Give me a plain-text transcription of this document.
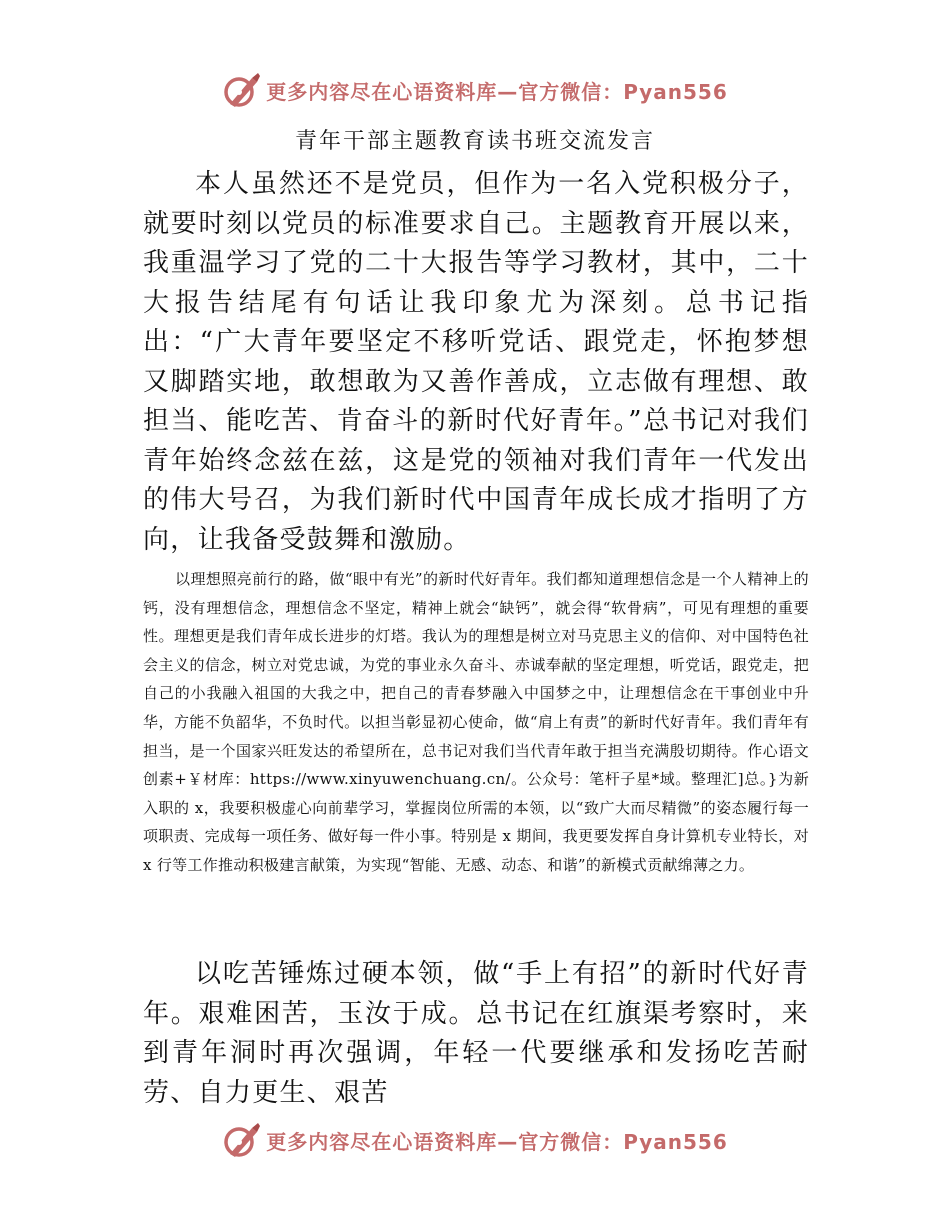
更多内容尽在心语资料库—官方微信：Pyan556
青年干部主题教育读书班交流发言

本人虽然还不是党员，但作为一名入党积极分子，就要时刻以党员的标准要求自己。主题教育开展以来，我重温学习了党的二十大报告等学习教材，其中，二十大报告结尾有句话让我印象尤为深刻。总书记指出：“广大青年要坚定不移听党话、跟党走，怀抱梦想又脚踏实地，敢想敢为又善作善成，立志做有理想、敢担当、能吃苦、肯奋斗的新时代好青年。”总书记对我们青年始终念兹在兹，这是党的领袖对我们青年一代发出的伟大号召，为我们新时代中国青年成长成才指明了方向，让我备受鼓舞和激励。

以理想照亮前行的路，做“眼中有光”的新时代好青年。我们都知道理想信念是一个人精神上的钙，没有理想信念，理想信念不坚定，精神上就会“缺钙”，就会得“软骨病”，可见有理想的重要性。理想更是我们青年成长进步的灯塔。我认为的理想是树立对马克思主义的信仰、对中国特色社会主义的信念，树立对党忠诚，为党的事业永久奋斗、赤诚奉献的坚定理想，听党话，跟党走，把自己的小我融入祖国的大我之中，把自己的青春梦融入中国梦之中，让理想信念在干事创业中升华，方能不负韶华，不负时代。以担当彰显初心使命，做“肩上有责”的新时代好青年。我们青年有担当，是一个国家兴旺发达的希望所在，总书记对我们当代青年敢于担当充满殷切期待。作心语文创素+￥材库：https://www.xinyuwenchuang.cn/。公众号：笔杆子星*域。整理汇]总。}为新入职的 x，我要积极虚心向前辈学习，掌握岗位所需的本领，以“致广大而尽精微”的姿态履行每一项职责、完成每一项任务、做好每一件小事。特别是 x 期间，我更要发挥自身计算机专业特长，对 x 行等工作推动积极建言献策，为实现“智能、无感、动态、和谐”的新模式贡献绵薄之力。

以吃苦锤炼过硬本领，做“手上有招”的新时代好青年。艰难困苦，玉汝于成。总书记在红旗渠考察时，来到青年洞时再次强调，年轻一代要继承和发扬吃苦耐劳、自力更生、艰苦

更多内容尽在心语资料库—官方微信：Pyan556
